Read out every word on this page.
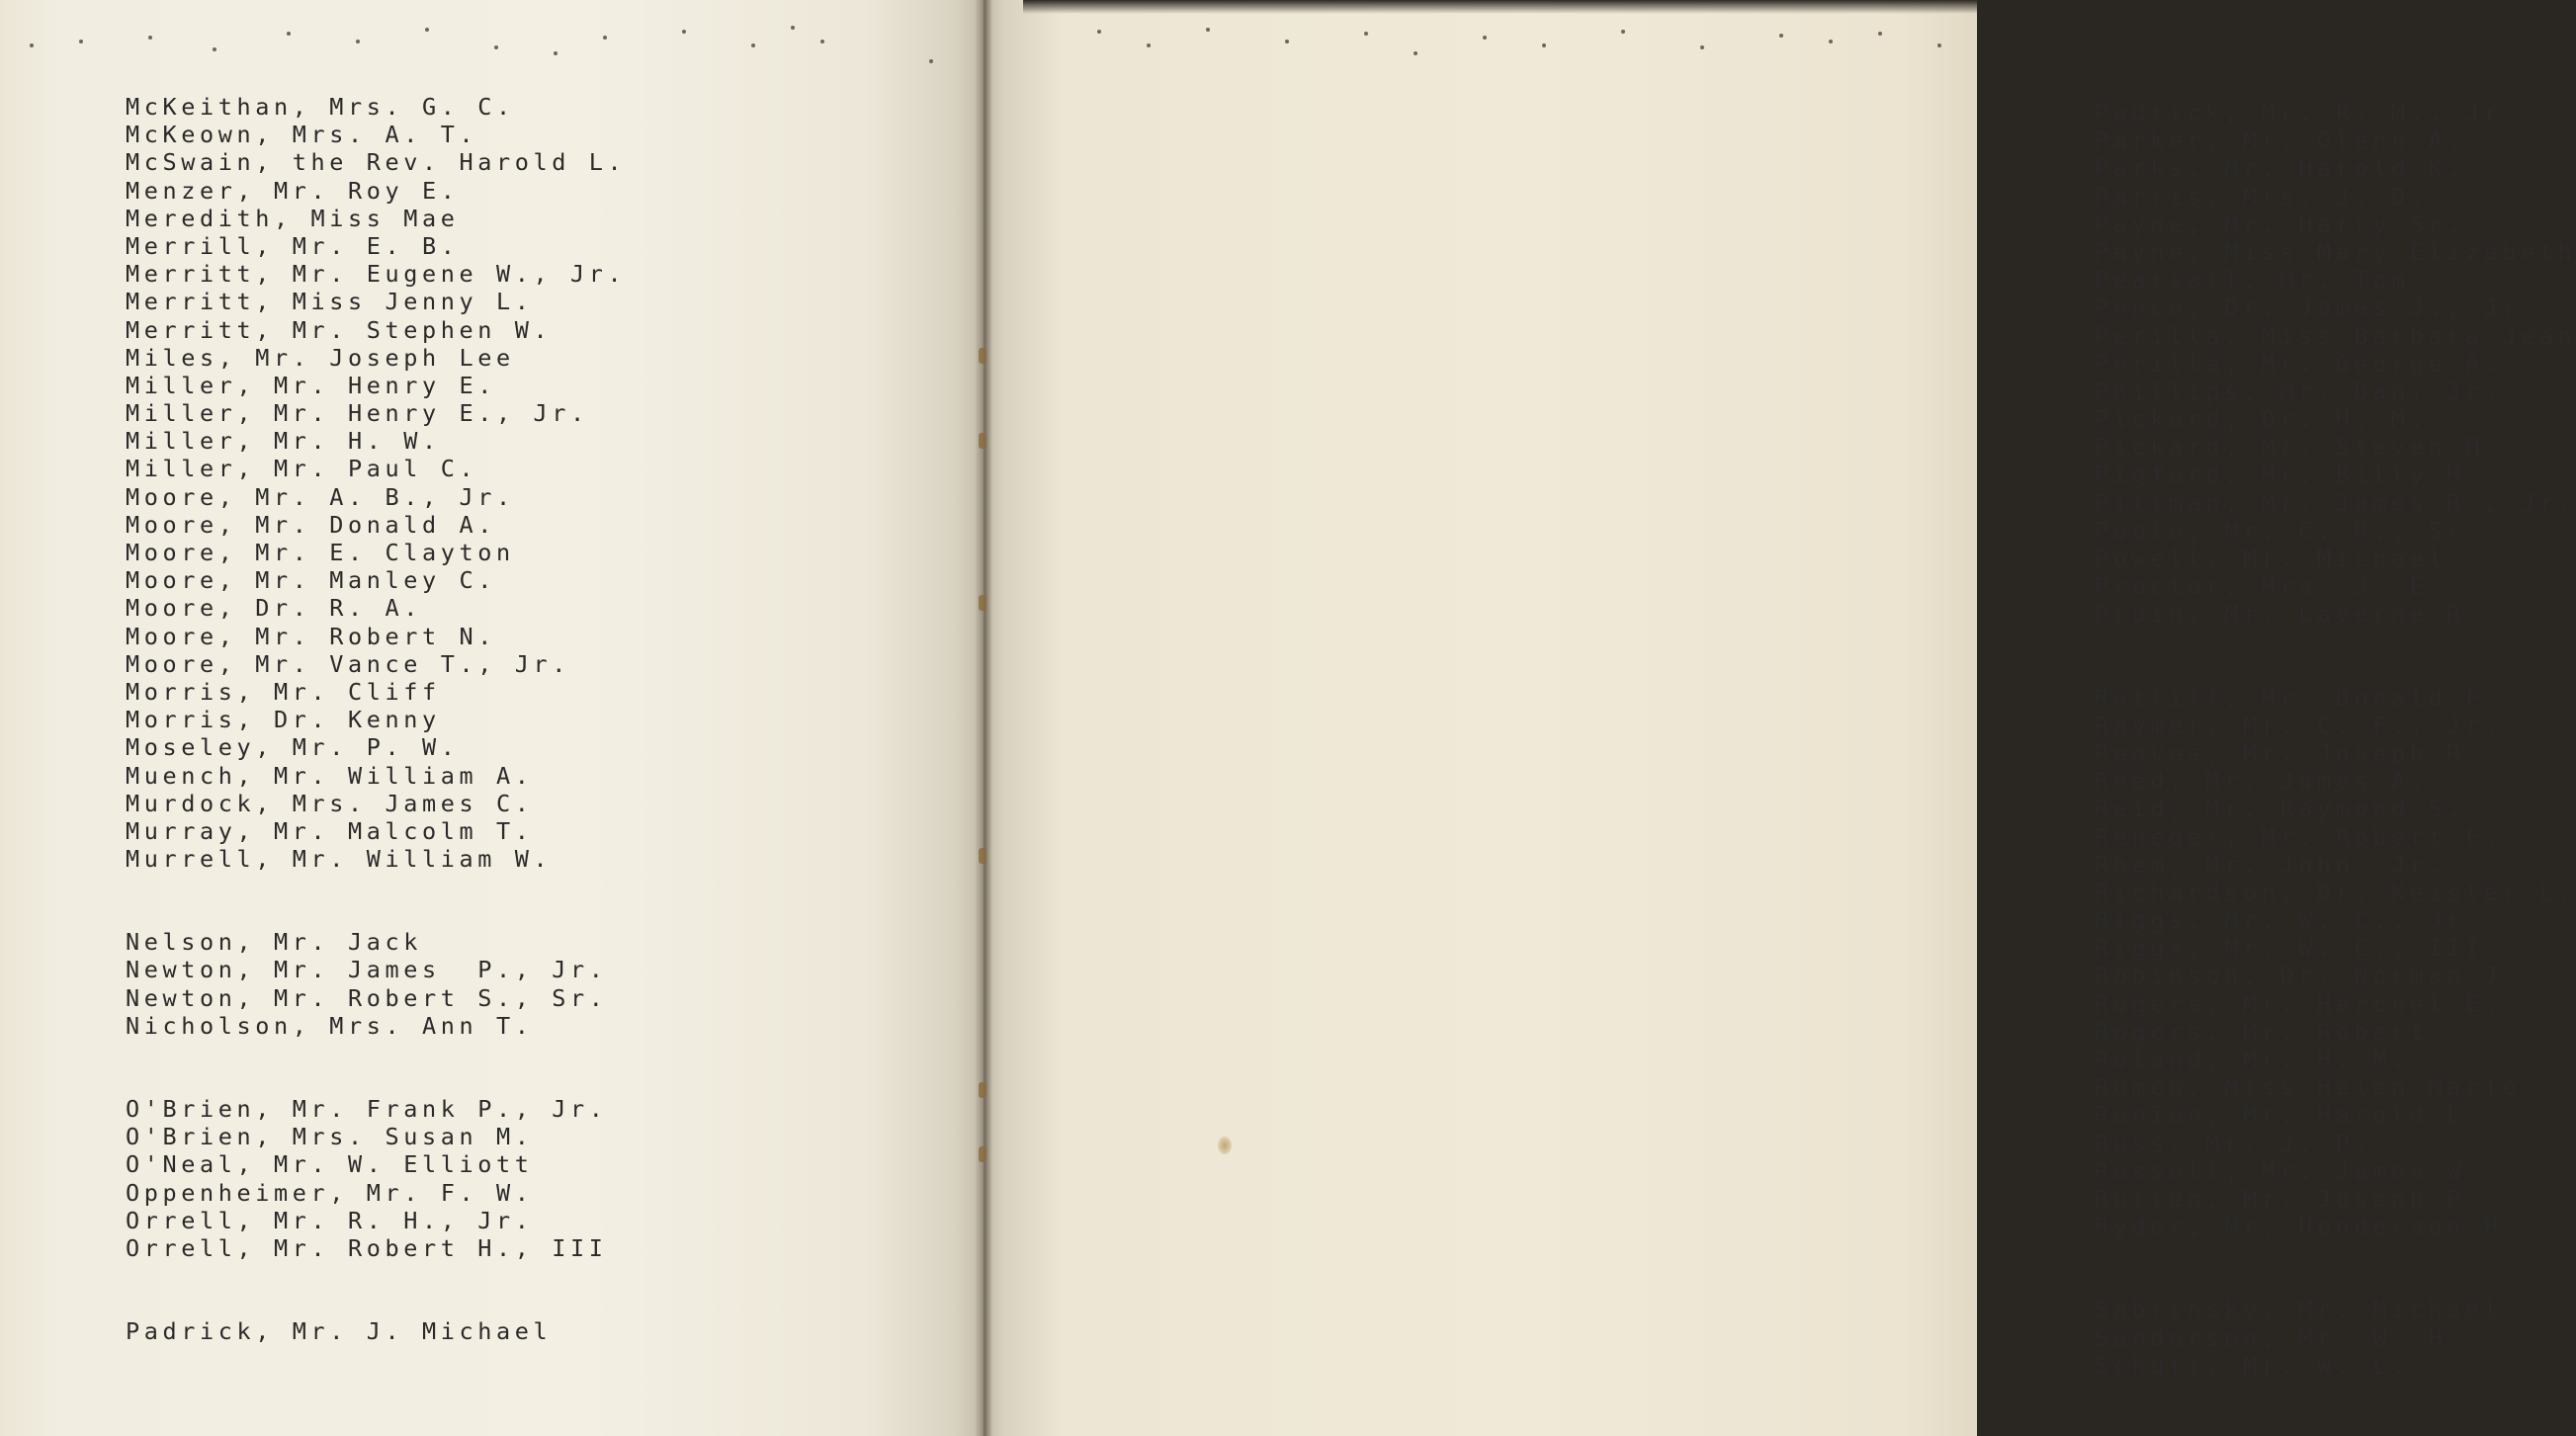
McKeithan, Mrs. G. C.
McKeown, Mrs. A. T.
McSwain, the Rev. Harold L.
Menzer, Mr. Roy E.
Meredith, Miss Mae
Merrill, Mr. E. B.
Merritt, Mr. Eugene W., Jr.
Merritt, Miss Jenny L.
Merritt, Mr. Stephen W.
Miles, Mr. Joseph Lee
Miller, Mr. Henry E.
Miller, Mr. Henry E., Jr.
Miller, Mr. H. W.
Miller, Mr. Paul C.
Moore, Mr. A. B., Jr.
Moore, Mr. Donald A.
Moore, Mr. E. Clayton
Moore, Mr. Manley C.
Moore, Dr. R. A.
Moore, Mr. Robert N.
Moore, Mr. Vance T., Jr.
Morris, Mr. Cliff
Morris, Dr. Kenny
Moseley, Mr. P. W.
Muench, Mr. William A.
Murdock, Mrs. James C.
Murray, Mr. Malcolm T.
Murrell, Mr. William W.
Nelson, Mr. Jack
Newton, Mr. James  P., Jr.
Newton, Mr. Robert S., Sr.
Nicholson, Mrs. Ann T.
O'Brien, Mr. Frank P., Jr.
O'Brien, Mrs. Susan M.
O'Neal, Mr. W. Elliott
Oppenheimer, Mr. F. W.
Orrell, Mr. R. H., Jr.
Orrell, Mr. Robert H., III
Padrick, Mr. J. Michael
Padrick, Mr. R. M., Jr.
Parker, Mr. Glenn A.
Parks, Mr. Harold K.
Parris, Mrs. J. D.
Payne, Mr. Harry Sr.
Payne, Miss Mary Elizabeth
Pearsall, Mr. Tom
Pence, Dr. James J., Jr.
Perilla, Miss Barbara Jean
Perilla, Mr. George A.
Phillips, Mr. Dan, Jr.
Pickard, Dr. H. M.
Pickard, Mr. Steven M.
Pigford, Mr. Billy H.
Pittman, Mr. James R., Jr.
Poole, Mr. C. R., Sr.
Powell, Mr. Michael
Proctor, Mrs. J. E.
Pruin, Mr. Laverne R.
Ratliff, Mr. Donald F.
Raymer, Mr. C. F., Jr.
Reaves, Mr. Joseph R.
Reed, Mr. James A.
Reid, Mr. Raymond S.
Reneger, Mr. Robert F.
Rhem, Mr. John, Jr.
Richardson, Dr. Keister L.
Riggs, Mr. W. C., Jr.
Riggs, Mr. W. C., III
Robinson, Dr. Norman J.
Rogers, Mr. Herchel E.
Rogers, Mr. Robert
Roland, Mr. H. M.
Romeo, Miss Helen Marie
Runion, Mr. Harold L.
Russ, Mr. J. P.
Russell, Mr. James W.
Rutten, Mr. Joseph P.
Ryder, Mr. Henderson H.
Sabrinsky, Mr. Michael
Sanderson, Mr. W. H.
Schutt, Mr. W. L.
